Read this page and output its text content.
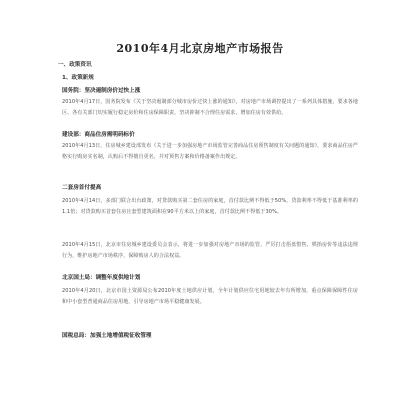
2010年4月北京房地产市场报告
一、政策资讯
1、政策新规
国务院：坚决遏制房价过快上涨
2010年4月17日，国务院发布《关于坚决遏制部分城市房价过快上涨的通知》，对房地产市场调控提出了一系列具体措施，要求各地区、各有关部门切实履行稳定房价和住房保障职责，坚决抑制不合理住房需求，增加住房有效供给。
建设部：商品住房需明码标价
2010年4月13日，住房城乡建设部发布《关于进一步加强房地产市场监管完善商品住房预售制度有关问题的通知》，要求商品住房严格实行购房实名制，认购后不得擅自更名，并对预售方案和价格备案作出规定。
二套房首付提高
2010年4月14日，多部门联合出台政策，对贷款购买第二套住房的家庭，首付款比例不得低于50%，贷款利率不得低于基准利率的1.1倍；对贷款购买首套住房且套型建筑面积在90平方米以上的家庭，首付款比例不得低于30%。
2010年4月15日，北京市住房城乡建设委员会表示，将进一步加强对房地产市场的监管，严厉打击捂盘惜售、哄抬房价等违法违规行为，维护房地产市场秩序，保障购房人的合法权益。
北京国土局：调整年度供地计划
2010年4月20日，北京市国土资源局公布2010年度土地供应计划，全年计划供应住宅用地较去年有所增加，重点保障保障性住房和中小套型普通商品住房用地，引导房地产市场平稳健康发展。
国税总局：加强土地增值税征收管理
